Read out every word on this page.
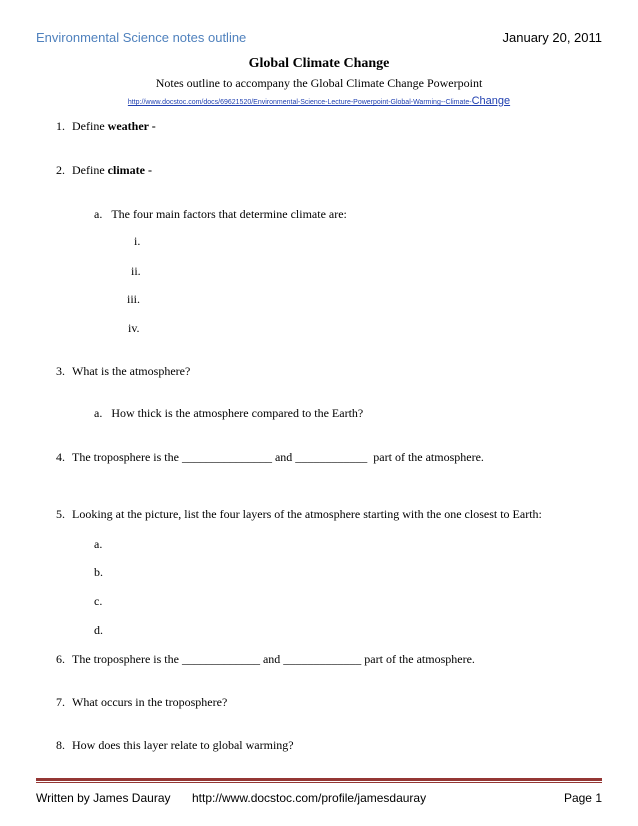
Environmental Science notes outline	January 20, 2011
Global Climate Change
Notes outline to accompany the Global Climate Change Powerpoint
http://www.docstoc.com/docs/69621520/Environmental-Science-Lecture-Powerpoint-Global-Warming--Climate-Change
1. Define weather -
2. Define climate -
a. The four main factors that determine climate are:
i.
ii.
iii.
iv.
3. What is the atmosphere?
a. How thick is the atmosphere compared to the Earth?
4. The troposphere is the _______________ and ____________  part of the atmosphere.
5. Looking at the picture, list the four layers of the atmosphere starting with the one closest to Earth:
a.
b.
c.
d.
6. The troposphere is the _____________ and _____________ part of the atmosphere.
7. What occurs in the troposphere?
8. How does this layer relate to global warming?
Written by James Dauray http://www.docstoc.com/profile/jamesdauray	Page 1
